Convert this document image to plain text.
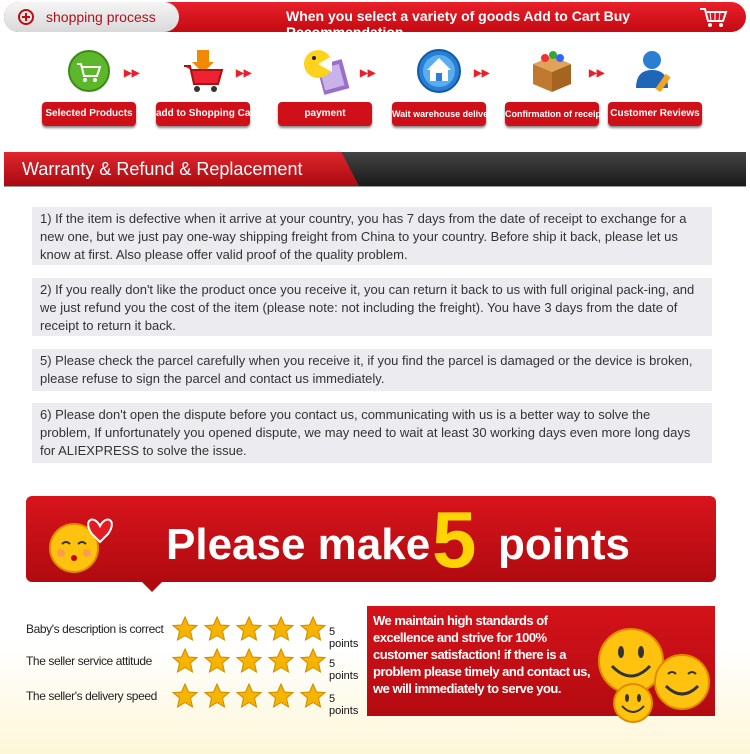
shopping process	When you select a variety of goods Add to Cart Buy Recommendation
Selected Products
▶▶
add to Shopping Cart
▶▶
payment
▶▶
Wait warehouse delivery
▶▶
Confirmation of receipt
▶▶
Customer Reviews
Warranty & Refund & Replacement
1) If the item is defective when it arrive at your country, you has 7 days from the date of receipt to exchange for a new one, but we just pay one-way shipping freight from China to your country. Before ship it back, please let us know at first. Also please offer valid proof of the quality problem.
2) If you really don't like the product once you receive it, you can return it back to us with full original pack-ing, and we just refund you the cost of the item (please note: not including the freight). You have 3 days from the date of receipt to return it back.
5) Please check the parcel carefully when you receive it, if you find the parcel is damaged or the device is broken, please refuse to sign the parcel and contact us immediately.
6) Please don't open the dispute before you contact us, communicating with us is a better way to solve the problem, If unfortunately you opened dispute, we may need to wait at least 30 working days even more long days for ALIEXPRESS to solve the issue.
Please make 5 points
Baby's description is correct	5 points
The seller service attitude	5 points
The seller's delivery speed	5 points
We maintain high standards of excellence and strive for 100% customer satisfaction! if there is a problem please timely and contact us, we will immediately to serve you.
